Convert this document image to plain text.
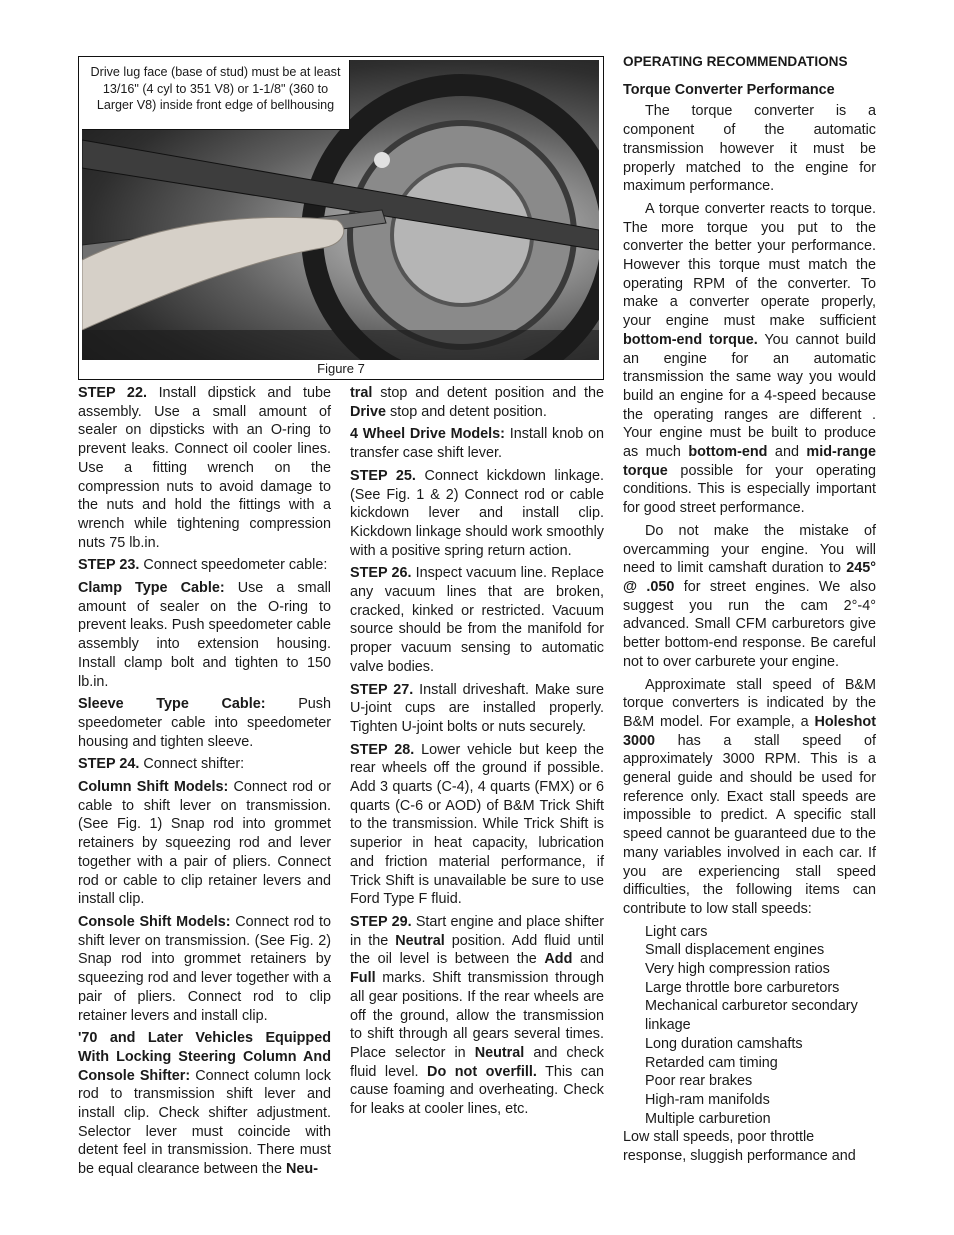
Drive lug face (base of stud) must be at least 13/16" (4 cyl to 351 V8) or 1-1/8" (360 to Larger V8) inside front edge of bellhousing
Figure 7

STEP 22. Install dipstick and tube assembly. Use a small amount of sealer on dipsticks with an O-ring to prevent leaks. Connect oil cooler lines. Use a fitting wrench on the compression nuts to avoid damage to the nuts and hold the fittings with a wrench while tightening compression nuts 75 lb.in.

STEP 23. Connect speedometer cable:

Clamp Type Cable: Use a small amount of sealer on the O-ring to prevent leaks. Push speedometer cable assembly into extension housing. Install clamp bolt and tighten to 150 lb.in.

Sleeve Type Cable: Push speedometer cable into speedometer housing and tighten sleeve.

STEP 24. Connect shifter:

Column Shift Models: Connect rod or cable to shift lever on transmission. (See Fig. 1) Snap rod into grommet retainers by squeezing rod and lever together with a pair of pliers. Connect rod or cable to clip retainer levers and install clip.

Console Shift Models: Connect rod to shift lever on transmission. (See Fig. 2) Snap rod into grommet retainers by squeezing rod and lever together with a pair of pliers. Connect rod to clip retainer levers and install clip.

'70 and Later Vehicles Equipped With Locking Steering Column And Console Shifter: Connect column lock rod to transmission shift lever and install clip. Check shifter adjustment. Selector lever must coincide with detent feel in transmission. There must be equal clearance between the Neu-

tral stop and detent position and the Drive stop and detent position.

4 Wheel Drive Models: Install knob on transfer case shift lever.

STEP 25. Connect kickdown linkage. (See Fig. 1 & 2) Connect rod or cable kickdown lever and install clip. Kickdown linkage should work smoothly with a positive spring return action.

STEP 26. Inspect vacuum line. Replace any vacuum lines that are broken, cracked, kinked or restricted. Vacuum source should be from the manifold for proper vacuum sensing to automatic valve bodies.

STEP 27. Install driveshaft. Make sure U-joint cups are installed properly. Tighten U-joint bolts or nuts securely.

STEP 28. Lower vehicle but keep the rear wheels off the ground if possible. Add 3 quarts (C-4), 4 quarts (FMX) or 6 quarts (C-6 or AOD) of B&M Trick Shift to the transmission. While Trick Shift is superior in heat capacity, lubrication and friction material performance, if Trick Shift is unavailable be sure to use Ford Type F fluid.

STEP 29. Start engine and place shifter in the Neutral position. Add fluid until the oil level is between the Add and Full marks. Shift transmission through all gear positions. If the rear wheels are off the ground, allow the transmission to shift through all gears several times. Place selector in Neutral and check fluid level. Do not overfill. This can cause foaming and overheating. Check for leaks at cooler lines, etc.

OPERATING RECOMMENDATIONS

Torque Converter Performance

The torque converter is a component of the automatic transmission however it must be properly matched to the engine for maximum performance.

A torque converter reacts to torque. The more torque you put to the converter the better your performance. However this torque must match the operating RPM of the converter. To make a converter operate properly, your engine must make sufficient bottom-end torque. You cannot build an engine for an automatic transmission the same way you would build an engine for a 4-speed because the operating ranges are different . Your engine must be built to produce as much bottom-end and mid-range torque possible for your operating conditions. This is especially important for good street performance.

Do not make the mistake of overcamming your engine. You will need to limit camshaft duration to 245° @ .050 for street engines. We also suggest you run the cam 2°-4° advanced. Small CFM carburetors give better bottom-end response. Be careful not to over carburete your engine.

Approximate stall speed of B&M torque converters is indicated by the B&M model. For example, a Holeshot 3000 has a stall speed of approximately 3000 RPM. This is a general guide and should be used for reference only. Exact stall speeds are impossible to predict. A specific stall speed cannot be guaranteed due to the many variables involved in each car. If you are experiencing stall speed difficulties, the following items can contribute to low stall speeds:

Light cars
Small displacement engines
Very high compression ratios
Large throttle bore carburetors
Mechanical carburetor secondary linkage
Long duration camshafts
Retarded cam timing
Poor rear brakes
High-ram manifolds
Multiple carburetion

Low stall speeds, poor throttle response, sluggish performance and
